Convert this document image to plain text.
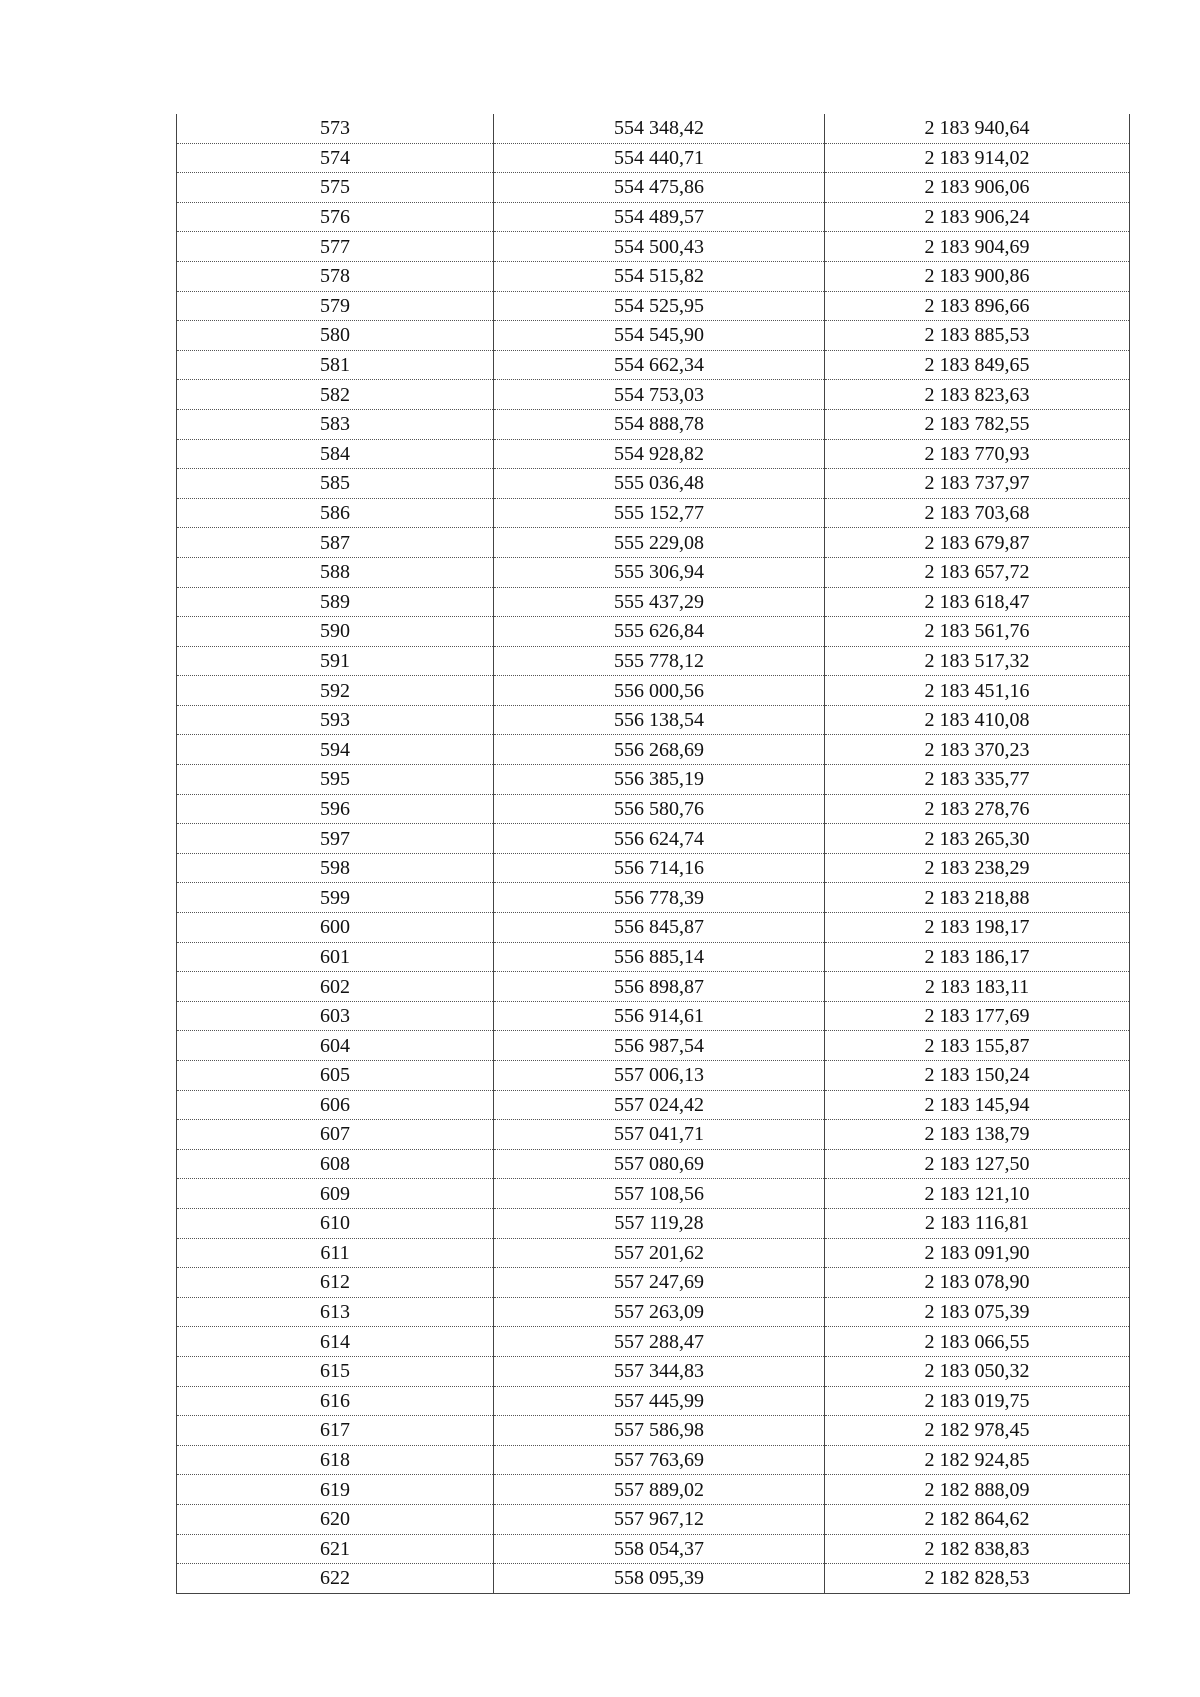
573	554 348,42	2 183 940,64
574	554 440,71	2 183 914,02
575	554 475,86	2 183 906,06
576	554 489,57	2 183 906,24
577	554 500,43	2 183 904,69
578	554 515,82	2 183 900,86
579	554 525,95	2 183 896,66
580	554 545,90	2 183 885,53
581	554 662,34	2 183 849,65
582	554 753,03	2 183 823,63
583	554 888,78	2 183 782,55
584	554 928,82	2 183 770,93
585	555 036,48	2 183 737,97
586	555 152,77	2 183 703,68
587	555 229,08	2 183 679,87
588	555 306,94	2 183 657,72
589	555 437,29	2 183 618,47
590	555 626,84	2 183 561,76
591	555 778,12	2 183 517,32
592	556 000,56	2 183 451,16
593	556 138,54	2 183 410,08
594	556 268,69	2 183 370,23
595	556 385,19	2 183 335,77
596	556 580,76	2 183 278,76
597	556 624,74	2 183 265,30
598	556 714,16	2 183 238,29
599	556 778,39	2 183 218,88
600	556 845,87	2 183 198,17
601	556 885,14	2 183 186,17
602	556 898,87	2 183 183,11
603	556 914,61	2 183 177,69
604	556 987,54	2 183 155,87
605	557 006,13	2 183 150,24
606	557 024,42	2 183 145,94
607	557 041,71	2 183 138,79
608	557 080,69	2 183 127,50
609	557 108,56	2 183 121,10
610	557 119,28	2 183 116,81
611	557 201,62	2 183 091,90
612	557 247,69	2 183 078,90
613	557 263,09	2 183 075,39
614	557 288,47	2 183 066,55
615	557 344,83	2 183 050,32
616	557 445,99	2 183 019,75
617	557 586,98	2 182 978,45
618	557 763,69	2 182 924,85
619	557 889,02	2 182 888,09
620	557 967,12	2 182 864,62
621	558 054,37	2 182 838,83
622	558 095,39	2 182 828,53
